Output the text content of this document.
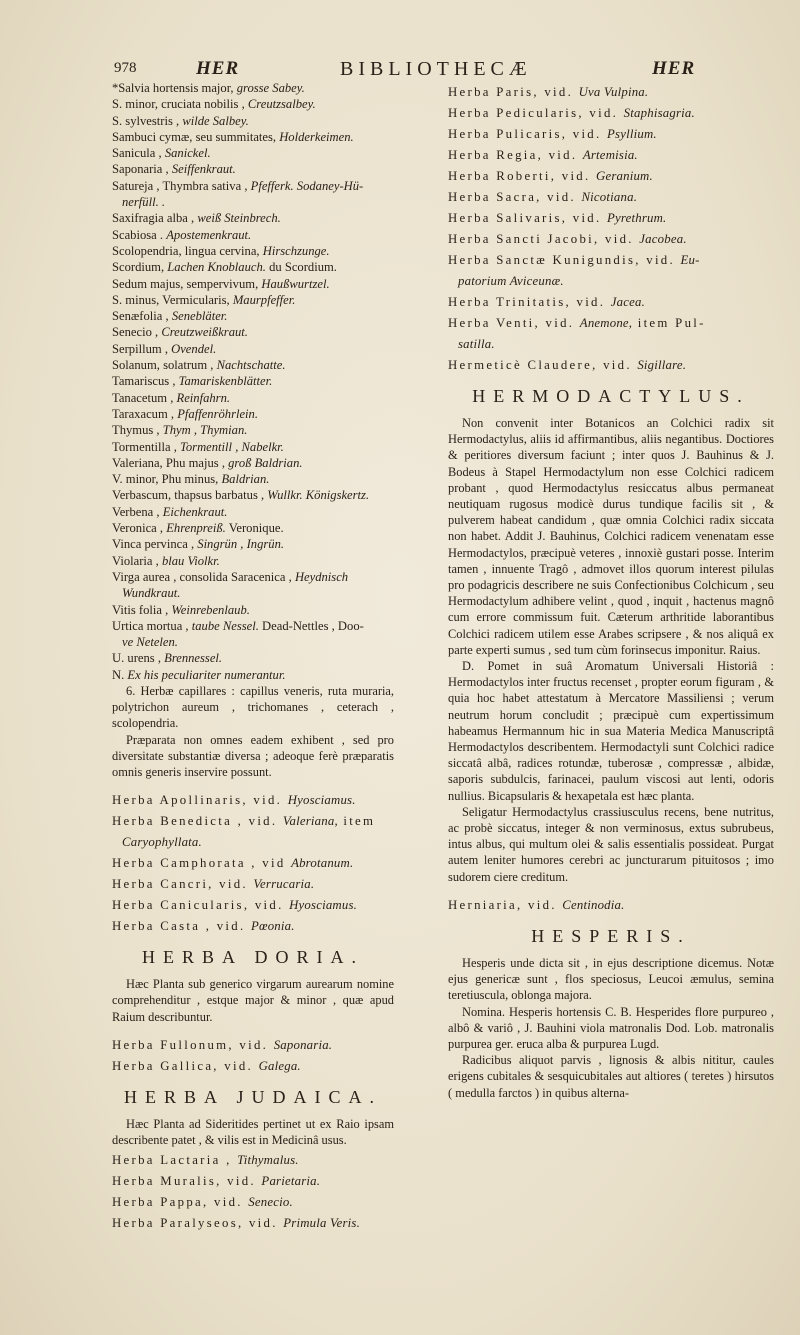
978	HER	BIBLIOTHECÆ	HER
*Salvia hortensis major, grosse Sabey.
S. minor, cruciata nobilis , Creutzsalbey.
S. sylvestris , wilde Salbey.
Sambuci cymæ, seu summitates, Holderkeimen.
Sanicula , Sanickel.
Saponaria , Seiffenkraut.
Satureja , Thymbra sativa , Pfefferk. Sodaney-Hü-
nerfüll. .
Saxifragia alba , weiß Steinbrech.
Scabiosa . Apostemenkraut.
Scolopendria, lingua cervina, Hirschzunge.
Scordium, Lachen Knoblauch. du Scordium.
Sedum majus, sempervivum, Haußwurtzel.
S. minus, Vermicularis, Maurpfeffer.
Senæfolia , Senebläter.
Senecio , Creutzweißkraut.
Serpillum , Ovendel.
Solanum, solatrum , Nachtschatte.
Tamariscus , Tamariskenblätter.
Tanacetum , Reinfahrn.
Taraxacum , Pfaffenröhrlein.
Thymus , Thym , Thymian.
Tormentilla , Tormentill , Nabelkr.
Valeriana, Phu majus , groß Baldrian.
V. minor, Phu minus, Baldrian.
Verbascum, thapsus barbatus , Wullkr. Königskertz.
Verbena , Eichenkraut.
Veronica , Ehrenpreiß. Veronique.
Vinca pervinca , Singrün , Ingrün.
Violaria , blau Violkr.
Virga aurea , consolida Saracenica , Heydnisch
Wundkraut.
Vitis folia , Weinrebenlaub.
Urtica mortua , taube Nessel. Dead-Nettles , Doo-
ve Netelen.
U. urens , Brennessel.
N. Ex his peculiariter numerantur.

6. Herbæ capillares : capillus veneris, ruta muraria, polytrichon aureum , trichomanes , ceterach , scolopendria.

Præparata non omnes eadem exhibent , sed pro diversitate substantiæ diversa ; adeoque ferè præparatis omnis generis inservire possunt.

Herba Apollinaris, vid. Hyosciamus.
Herba Benedicta , vid. Valeriana, item
Caryophyllata.
Herba Camphorata , vid Abrotanum.
Herba Cancri, vid. Verrucaria.
Herba Canicularis, vid. Hyosciamus.
Herba Casta , vid. Pœonia.
HERBA DORIA.

Hæc Planta sub generico virgarum aurearum nomine comprehenditur , estque major & minor , quæ apud Raium describuntur.

Herba Fullonum, vid. Saponaria.
Herba Gallica, vid. Galega.
HERBA JUDAICA.

Hæc Planta ad Sideritides pertinet ut ex Raio ipsam describente patet , & vilis est in Medicinâ usus.

Herba Lactaria , Tithymalus.
Herba Muralis, vid. Parietaria.
Herba Pappa, vid. Senecio.
Herba Paralyseos, vid. Primula Veris.
Herba Paris, vid. Uva Vulpina.
Herba Pedicularis, vid. Staphisagria.
Herba Pulicaris, vid. Psyllium.
Herba Regia, vid. Artemisia.
Herba Roberti, vid. Geranium.
Herba Sacra, vid. Nicotiana.
Herba Salivaris, vid. Pyrethrum.
Herba Sancti Jacobi, vid. Jacobea.
Herba Sanctæ Kunigundis, vid. Eu-
patorium Aviceunæ.
Herba Trinitatis, vid. Jacea.
Herba Venti, vid. Anemone, item Pul-
satilla.
Hermeticè Claudere, vid. Sigillare.
HERMODACTYLUS.

Non convenit inter Botanicos an Colchici radix sit Hermodactylus, aliis id affirmantibus, aliis negantibus. Doctiores & peritiores diversum faciunt ; inter quos J. Bauhinus & J. Bodeus à Stapel Hermodactylum non esse Colchici radicem probant , quod Hermodactylus resiccatus albus permaneat neutiquam rugosus modicè durus tundique facilis sit , & pulverem habeat candidum , quæ omnia Colchici radix siccata non habet. Addit J. Bauhinus, Colchici radicem venenatam esse Hermodactylos, præcipuè veteres , innoxiè gustari posse. Interim tamen , innuente Tragô , admovet illos quorum interest pilulas pro podagricis describere ne suis Confectionibus Colchicum , seu Hermodactylum adhibere velint , quod , inquit , hactenus magnô cum errore commissum fuit. Cæterum arthritide laborantibus Colchici radicem utilem esse Arabes scripsere , & nos aliquâ ex parte experti sumus , sed tum cùm forinsecus imponitur. Raius.

D. Pomet in suâ Aromatum Universali Historiâ : Hermodactylos inter fructus recenset , propter eorum figuram , & quia hoc habet attestatum à Mercatore Massiliensi ; verum neutrum horum concludit ; præcipuè cum expertissimum habeamus Hermannum hic in sua Materia Medica Manuscriptâ Hermodactylos describentem. Hermodactyli sunt Colchici radice siccatâ albâ, radices rotundæ, tuberosæ , compressæ , albidæ, saporis subdulcis, farinacei, paulum viscosi aut lenti, odoris nullius. Bicapsularis & hexapetala est hæc planta.

Seligatur Hermodactylus crassiusculus recens, bene nutritus, ac probè siccatus, integer & non verminosus, extus subrubeus, intus albus, qui multum olei & salis essentialis possideat. Purgat autem leniter humores cerebri ac juncturarum pituitosos ; imo sudorem ciere creditum.

Herniaria, vid. Centinodia.
HESPERIS.

Hesperis unde dicta sit , in ejus descriptione dicemus. Notæ ejus genericæ sunt , flos speciosus, Leucoi æmulus, semina teretiuscula, oblonga majora.

Nomina. Hesperis hortensis C. B. Hesperides flore purpureo , albô & variô , J. Bauhini viola matronalis Dod. Lob. matronalis purpurea ger. eruca alba & purpurea Lugd.

Radicibus aliquot parvis , lignosis & albis nititur, caules erigens cubitales & sesquicubitales aut altiores ( teretes ) hirsutos ( medulla farctos ) in quibus alterna-
